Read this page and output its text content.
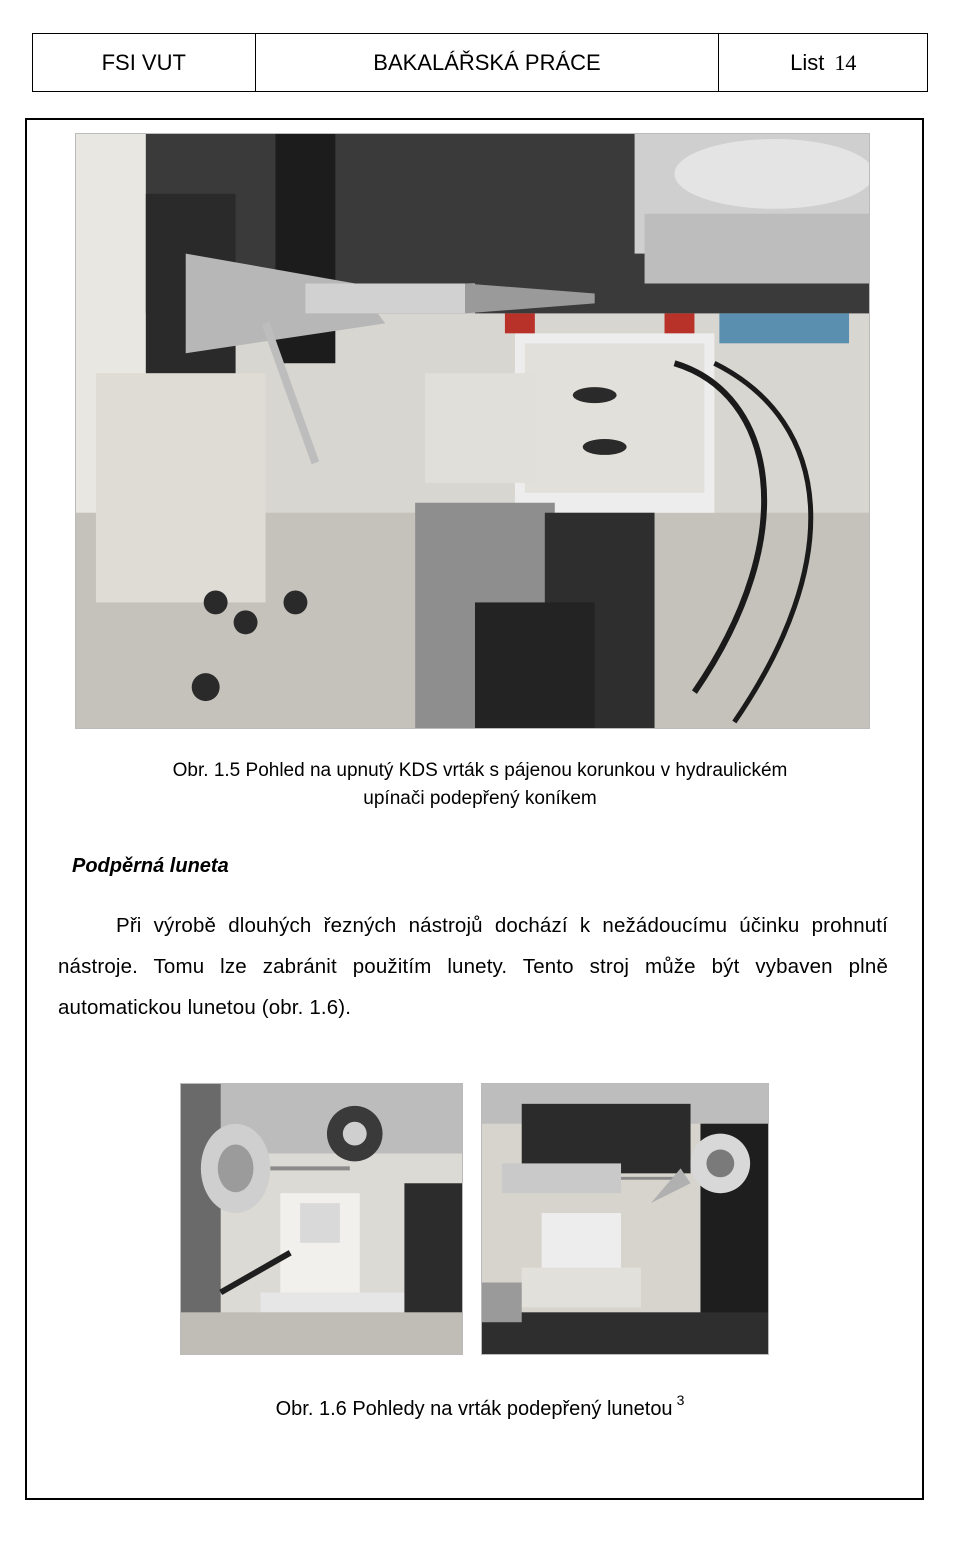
FSI VUT	BAKALÁŘSKÁ PRÁCE	List 14
Obr. 1.5 Pohled na upnutý KDS vrták s pájenou korunkou v hydraulickém
upínači podepřený koníkem
Podpěrná luneta
Při výrobě dlouhých řezných nástrojů dochází k nežádoucímu účinku prohnutí nástroje. Tomu lze zabránit použitím lunety. Tento stroj může být vybaven plně automatickou lunetou (obr. 1.6).
Obr. 1.6 Pohledy na vrták podepřený lunetou $^3$
